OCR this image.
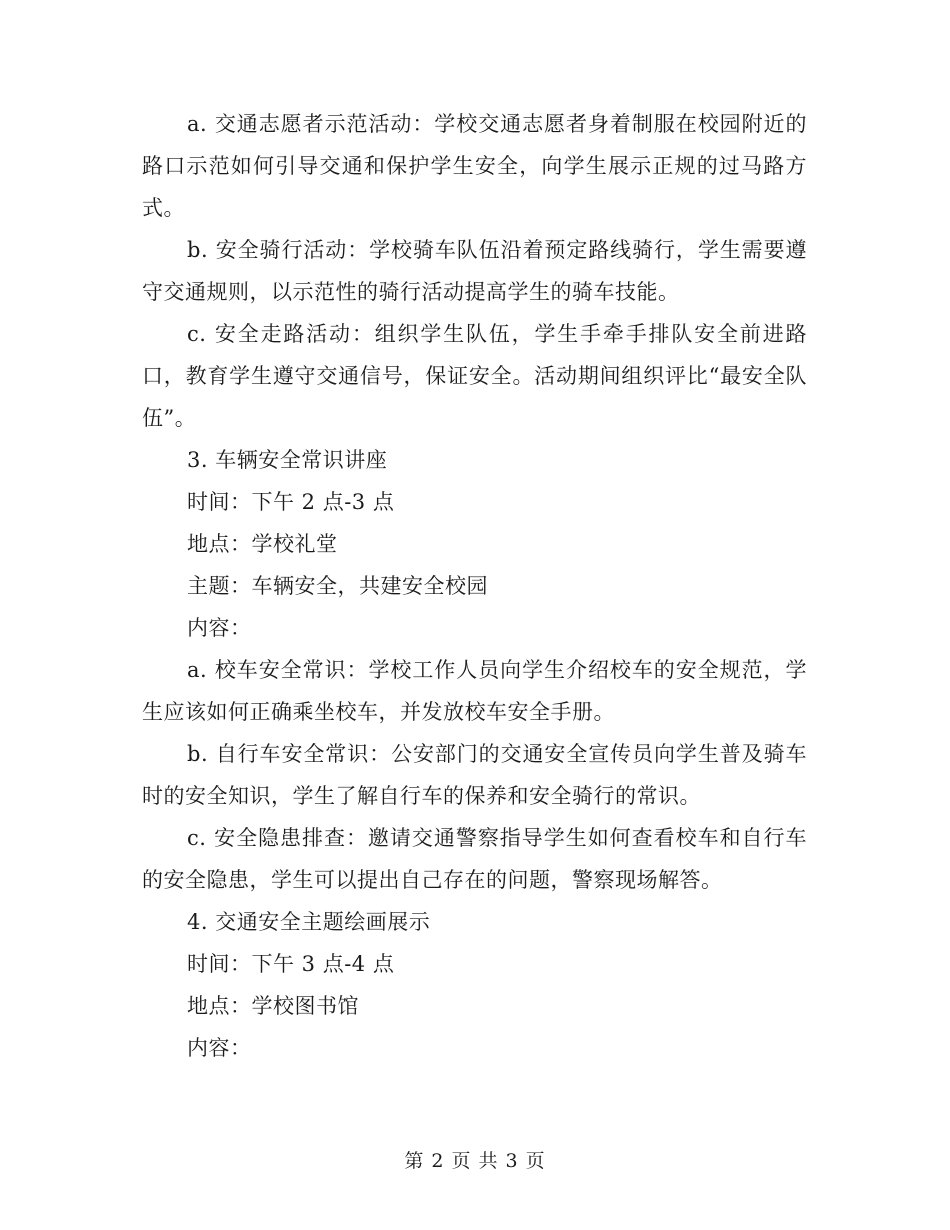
a. 交通志愿者示范活动：学校交通志愿者身着制服在校园附近的路口示范如何引导交通和保护学生安全，向学生展示正规的过马路方式。

b. 安全骑行活动：学校骑车队伍沿着预定路线骑行，学生需要遵守交通规则，以示范性的骑行活动提高学生的骑车技能。

c. 安全走路活动：组织学生队伍，学生手牵手排队安全前进路口，教育学生遵守交通信号，保证安全。活动期间组织评比“最安全队伍”。

3. 车辆安全常识讲座

时间：下午 2 点-3 点

地点：学校礼堂

主题：车辆安全，共建安全校园

内容：

a. 校车安全常识：学校工作人员向学生介绍校车的安全规范，学生应该如何正确乘坐校车，并发放校车安全手册。

b. 自行车安全常识：公安部门的交通安全宣传员向学生普及骑车时的安全知识，学生了解自行车的保养和安全骑行的常识。

c. 安全隐患排查：邀请交通警察指导学生如何查看校车和自行车的安全隐患，学生可以提出自己存在的问题，警察现场解答。

4. 交通安全主题绘画展示

时间：下午 3 点-4 点

地点：学校图书馆

内容：

第 2 页 共 3 页
